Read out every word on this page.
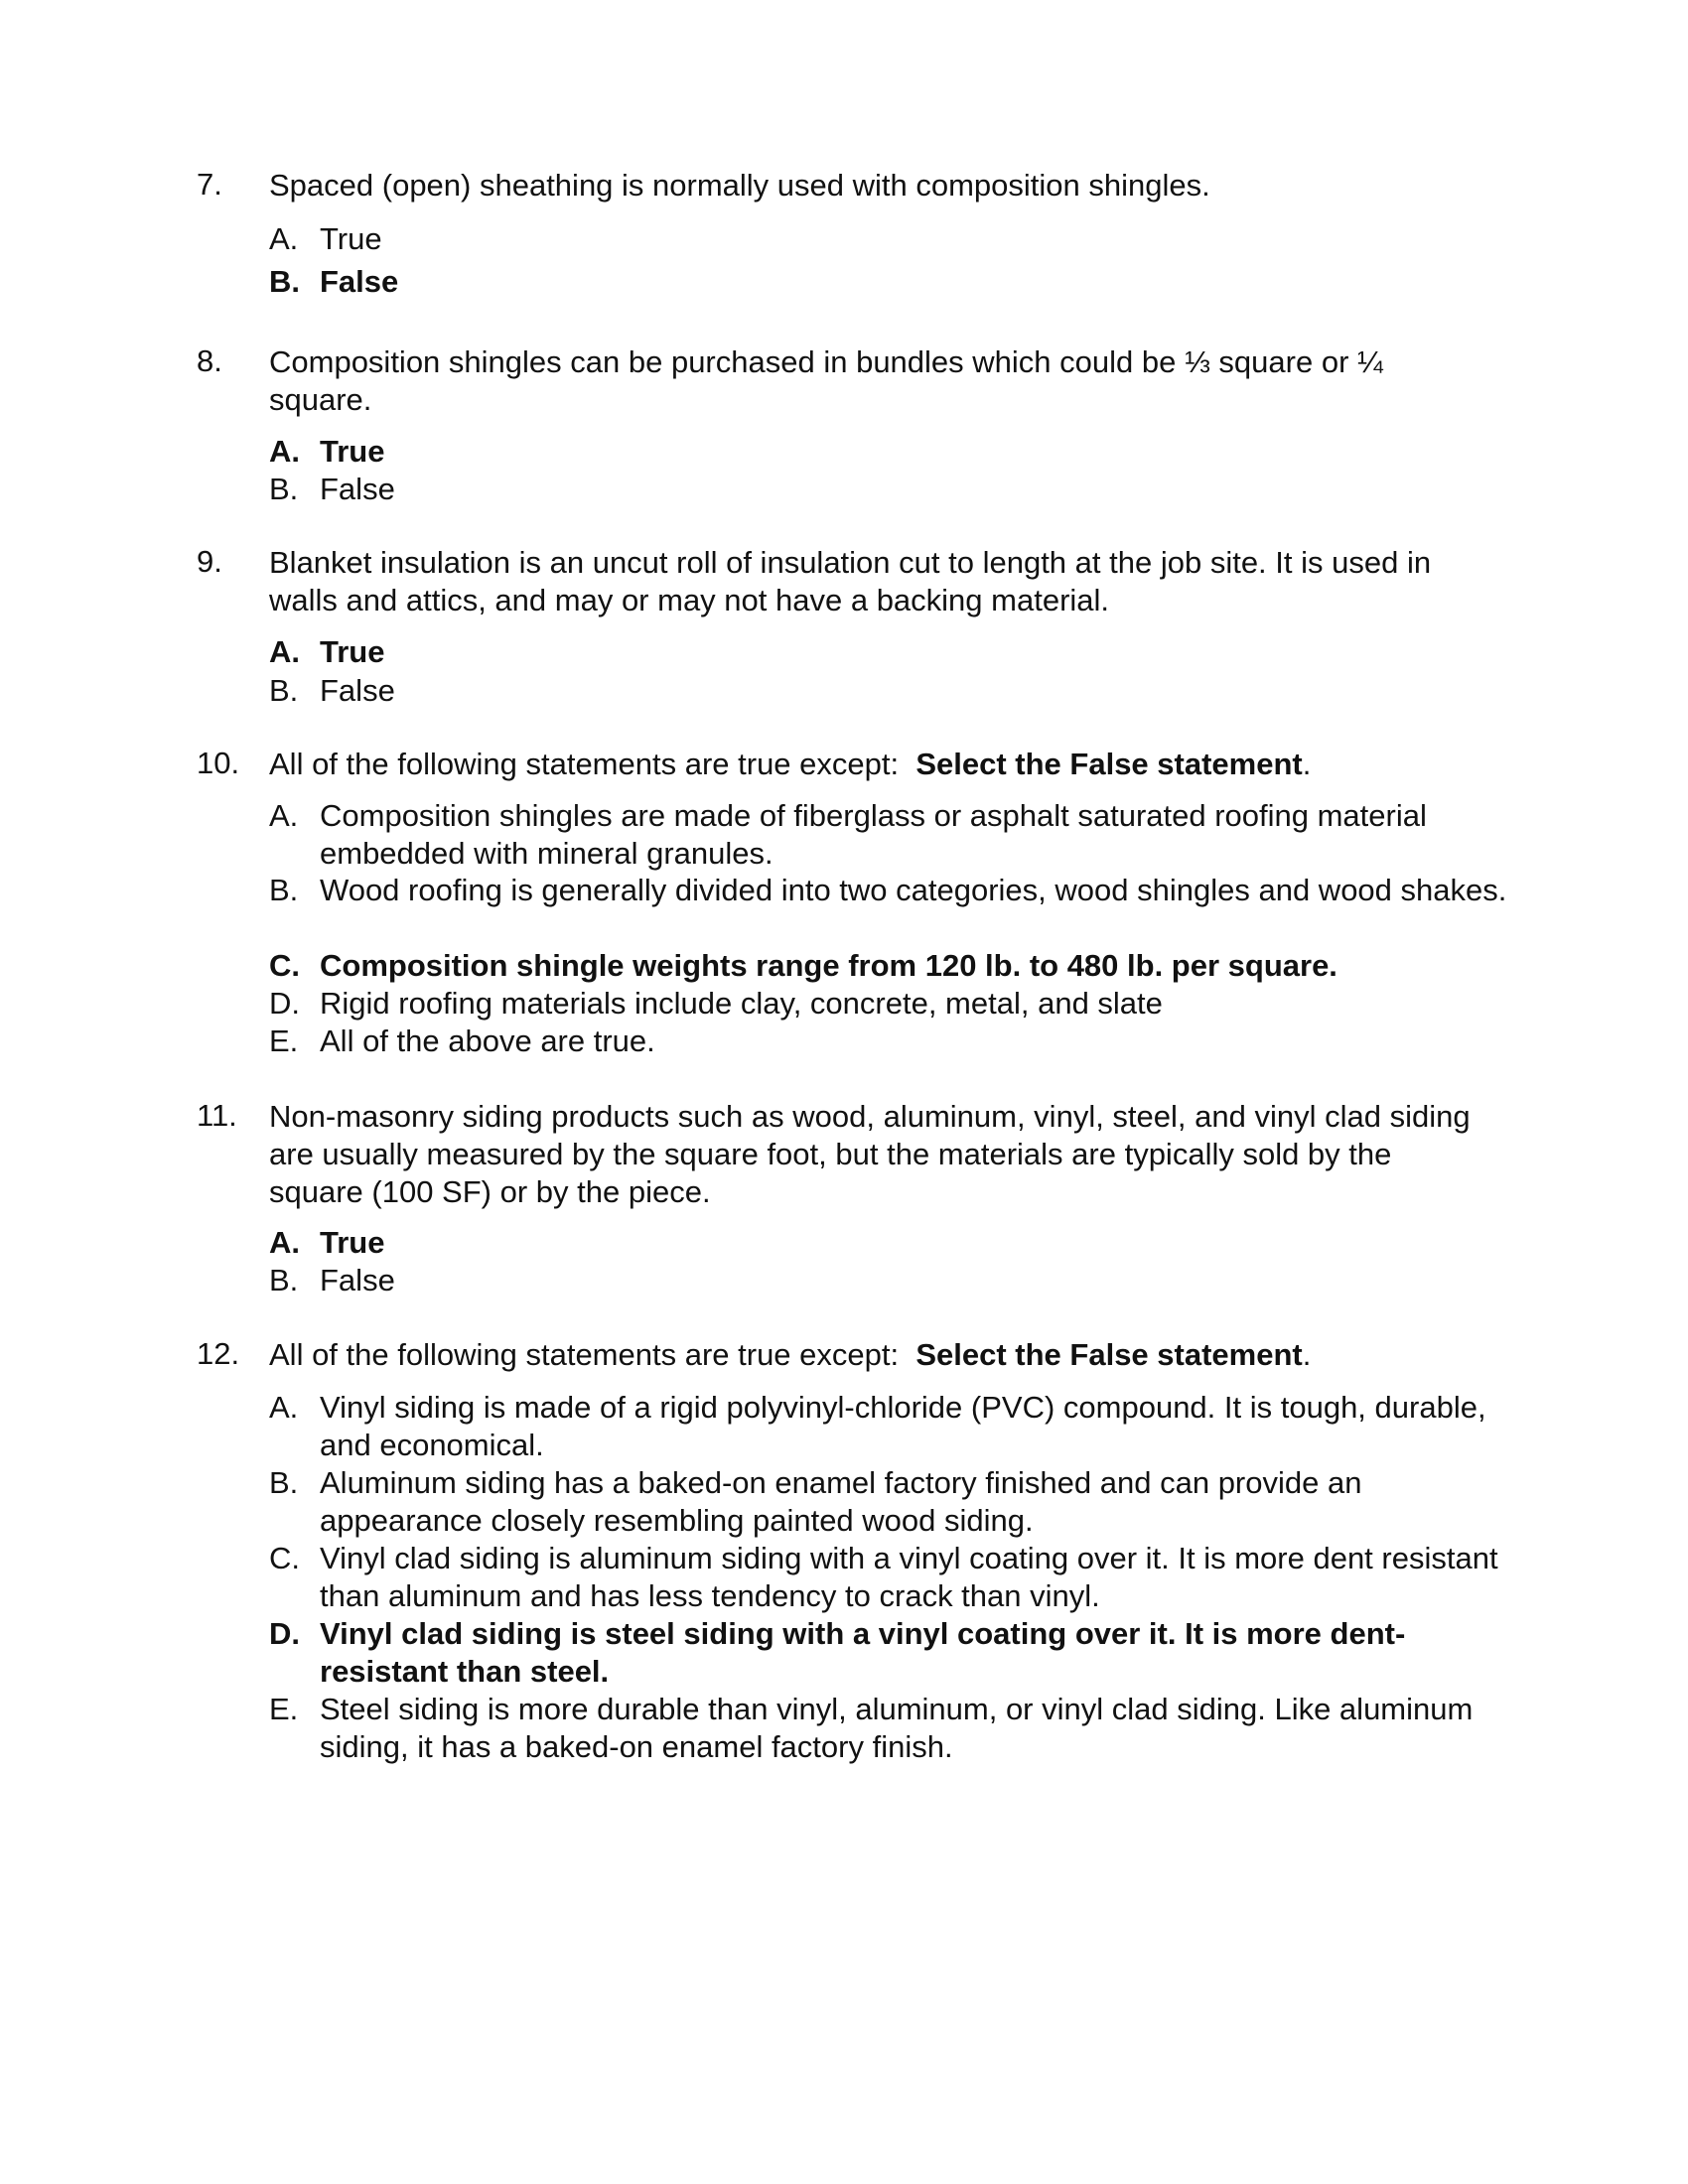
7. Spaced (open) sheathing is normally used with composition shingles.
A. True
B. False
8. Composition shingles can be purchased in bundles which could be ⅓ square or ¼ square.
A. True
B. False
9. Blanket insulation is an uncut roll of insulation cut to length at the job site. It is used in walls and attics, and may or may not have a backing material.
A. True
B. False
10. All of the following statements are true except: Select the False statement.
A. Composition shingles are made of fiberglass or asphalt saturated roofing material embedded with mineral granules.
B. Wood roofing is generally divided into two categories, wood shingles and wood shakes.
C. Composition shingle weights range from 120 lb. to 480 lb. per square.
D. Rigid roofing materials include clay, concrete, metal, and slate
E. All of the above are true.
11. Non-masonry siding products such as wood, aluminum, vinyl, steel, and vinyl clad siding are usually measured by the square foot, but the materials are typically sold by the square (100 SF) or by the piece.
A. True
B. False
12. All of the following statements are true except: Select the False statement.
A. Vinyl siding is made of a rigid polyvinyl-chloride (PVC) compound. It is tough, durable, and economical.
B. Aluminum siding has a baked-on enamel factory finished and can provide an appearance closely resembling painted wood siding.
C. Vinyl clad siding is aluminum siding with a vinyl coating over it. It is more dent resistant than aluminum and has less tendency to crack than vinyl.
D. Vinyl clad siding is steel siding with a vinyl coating over it. It is more dent-resistant than steel.
E. Steel siding is more durable than vinyl, aluminum, or vinyl clad siding. Like aluminum siding, it has a baked-on enamel factory finish.
